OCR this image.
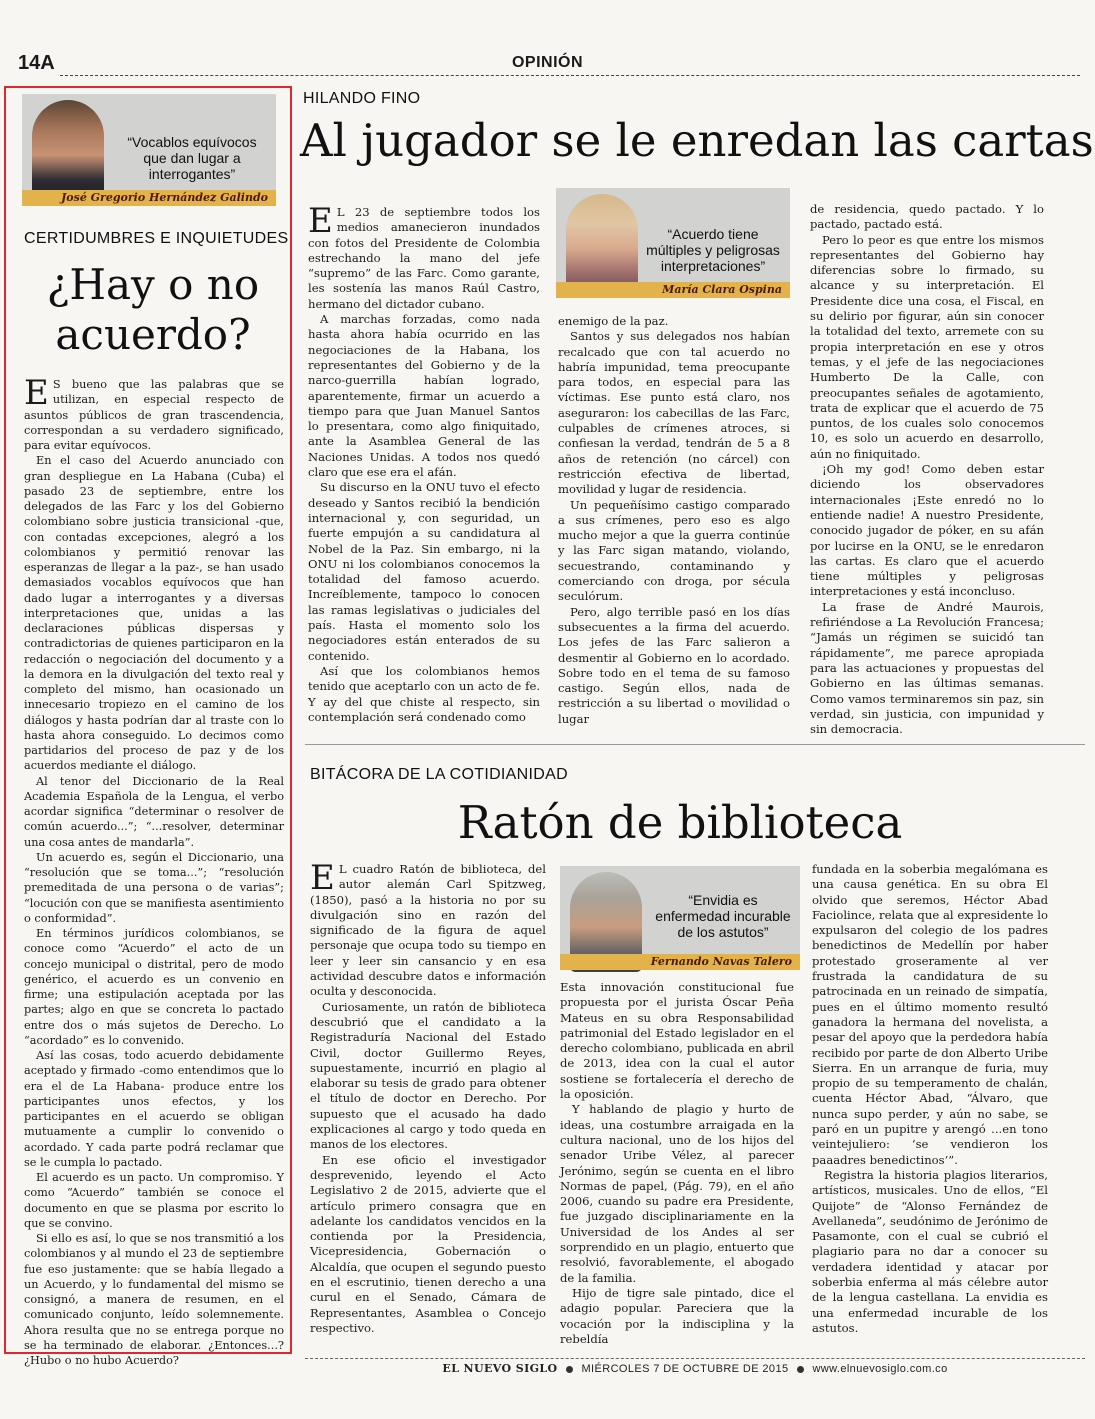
14A	OPINIÓN
“Vocablos equívocos que dan lugar a interrogantes”
José Gregorio Hernández Galindo
CERTIDUMBRES E INQUIETUDES
¿Hay o no
acuerdo?

E S bueno que las palabras que se utilizan, en especial respecto de asuntos públicos de gran trascendencia, correspondan a su verdadero significado, para evitar equívocos.

En el caso del Acuerdo anunciado con gran despliegue en La Habana (Cuba) el pasado 23 de septiembre, entre los delegados de las Farc y los del Gobierno colombiano sobre justicia transicional -que, con contadas excepciones, alegró a los colombianos y permitió renovar las esperanzas de llegar a la paz-, se han usado demasiados vocablos equívocos que han dado lugar a interrogantes y a diversas interpretaciones que, unidas a las declaraciones públicas dispersas y contradictorias de quienes participaron en la redacción o negociación del documento y a la demora en la divulgación del texto real y completo del mismo, han ocasionado un innecesario tropiezo en el camino de los diálogos y hasta podrían dar al traste con lo hasta ahora conseguido. Lo decimos como partidarios del proceso de paz y de los acuerdos mediante el diálogo.

Al tenor del Diccionario de la Real Academia Española de la Lengua, el verbo acordar significa “determinar o resolver de común acuerdo...”; “...resolver, determinar una cosa antes de mandarla”.

Un acuerdo es, según el Diccionario, una “resolución que se toma...”; “resolución premeditada de una persona o de varias”; “locución con que se manifiesta asentimiento o conformidad”.

En términos jurídicos colombianos, se conoce como “Acuerdo” el acto de un concejo municipal o distrital, pero de modo genérico, el acuerdo es un convenio en firme; una estipulación aceptada por las partes; algo en que se concreta lo pactado entre dos o más sujetos de Derecho. Lo “acordado” es lo convenido.

Así las cosas, todo acuerdo debidamente aceptado y firmado -como entendimos que lo era el de La Habana- produce entre los participantes unos efectos, y los participantes en el acuerdo se obligan mutuamente a cumplir lo convenido o acordado. Y cada parte podrá reclamar que se le cumpla lo pactado.

El acuerdo es un pacto. Un compromiso. Y como “Acuerdo” también se conoce el documento en que se plasma por escrito lo que se convino.

Si ello es así, lo que se nos transmitió a los colombianos y al mundo el 23 de septiembre fue eso justamente: que se había llegado a un Acuerdo, y lo fundamental del mismo se consignó, a manera de resumen, en el comunicado conjunto, leído solemnemente. Ahora resulta que no se entrega porque no se ha terminado de elaborar. ¿Entonces...? ¿Hubo o no hubo Acuerdo?

HILANDO FINO
Al jugador se le enredan las cartas

E L 23 de septiembre todos los medios amanecieron inundados con fotos del Presidente de Colombia estrechando la mano del jefe “supremo” de las Farc. Como garante, les sostenía las manos Raúl Castro, hermano del dictador cubano.

A marchas forzadas, como nada hasta ahora había ocurrido en las negociaciones de la Habana, los representantes del Gobierno y de la narco-guerrilla habían logrado, aparentemente, firmar un acuerdo a tiempo para que Juan Manuel Santos lo presentara, como algo finiquitado, ante la Asamblea General de las Naciones Unidas. A todos nos quedó claro que ese era el afán.

Su discurso en la ONU tuvo el efecto deseado y Santos recibió la bendición internacional y, con seguridad, un fuerte empujón a su candidatura al Nobel de la Paz. Sin embargo, ni la ONU ni los colombianos conocemos la totalidad del famoso acuerdo. Increíblemente, tampoco lo conocen las ramas legislativas o judiciales del país. Hasta el momento solo los negociadores están enterados de su contenido.

Así que los colombianos hemos tenido que aceptarlo con un acto de fe. Y ay del que chiste al respecto, sin contemplación será condenado como

“Acuerdo tiene múltiples y peligrosas interpretaciones”
María Clara Ospina

enemigo de la paz.

Santos y sus delegados nos habían recalcado que con tal acuerdo no habría impunidad, tema preocupante para todos, en especial para las víctimas. Ese punto está claro, nos aseguraron: los cabecillas de las Farc, culpables de crímenes atroces, si confiesan la verdad, tendrán de 5 a 8 años de retención (no cárcel) con restricción efectiva de libertad, movilidad y lugar de residencia.

Un pequeñísimo castigo comparado a sus crímenes, pero eso es algo mucho mejor a que la guerra continúe y las Farc sigan matando, violando, secuestrando, contaminando y comerciando con droga, por sécula seculórum.

Pero, algo terrible pasó en los días subsecuentes a la firma del acuerdo. Los jefes de las Farc salieron a desmentir al Gobierno en lo acordado. Sobre todo en el tema de su famoso castigo. Según ellos, nada de restricción a su libertad o movilidad o lugar

de residencia, quedo pactado. Y lo pactado, pactado está.

Pero lo peor es que entre los mismos representantes del Gobierno hay diferencias sobre lo firmado, su alcance y su interpretación. El Presidente dice una cosa, el Fiscal, en su delirio por figurar, aún sin conocer la totalidad del texto, arremete con su propia interpretación en ese y otros temas, y el jefe de las negociaciones Humberto De la Calle, con preocupantes señales de agotamiento, trata de explicar que el acuerdo de 75 puntos, de los cuales solo conocemos 10, es solo un acuerdo en desarrollo, aún no finiquitado.

¡Oh my god! Como deben estar diciendo los observadores internacionales ¡Este enredó no lo entiende nadie! A nuestro Presidente, conocido jugador de póker, en su afán por lucirse en la ONU, se le enredaron las cartas. Es claro que el acuerdo tiene múltiples y peligrosas interpretaciones y está inconcluso.

La frase de André Maurois, refiriéndose a La Revolución Francesa; “Jamás un régimen se suicidó tan rápidamente”, me parece apropiada para las actuaciones y propuestas del Gobierno en las últimas semanas. Como vamos terminaremos sin paz, sin verdad, sin justicia, con impunidad y sin democracia.

BITÁCORA DE LA COTIDIANIDAD
Ratón de biblioteca

E L cuadro Ratón de biblioteca, del autor alemán Carl Spitzweg, (1850), pasó a la historia no por su divulgación sino en razón del significado de la figura de aquel personaje que ocupa todo su tiempo en leer y leer sin cansancio y en esa actividad descubre datos e información oculta y desconocida.

Curiosamente, un ratón de biblioteca descubrió que el candidato a la Registraduría Nacional del Estado Civil, doctor Guillermo Reyes, supuestamente, incurrió en plagio al elaborar su tesis de grado para obtener el título de doctor en Derecho. Por supuesto que el acusado ha dado explicaciones al cargo y todo queda en manos de los electores.

En ese oficio el investigador desprevenido, leyendo el Acto Legislativo 2 de 2015, advierte que el artículo primero consagra que en adelante los candidatos vencidos en la contienda por la Presidencia, Vicepresidencia, Gobernación o Alcaldía, que ocupen el segundo puesto en el escrutinio, tienen derecho a una curul en el Senado, Cámara de Representantes, Asamblea o Concejo respectivo.

“Envidia es enfermedad incurable de los astutos”
Fernando Navas Talero

Esta innovación constitucional fue propuesta por el jurista Óscar Peña Mateus en su obra Responsabilidad patrimonial del Estado legislador en el derecho colombiano, publicada en abril de 2013, idea con la cual el autor sostiene se fortalecería el derecho de la oposición.

Y hablando de plagio y hurto de ideas, una costumbre arraigada en la cultura nacional, uno de los hijos del senador Uribe Vélez, al parecer Jerónimo, según se cuenta en el libro Normas de papel, (Pág. 79), en el año 2006, cuando su padre era Presidente, fue juzgado disciplinariamente en la Universidad de los Andes al ser sorprendido en un plagio, entuerto que resolvió, favorablemente, el abogado de la familia.

Hijo de tigre sale pintado, dice el adagio popular. Pareciera que la vocación por la indisciplina y la rebeldía

fundada en la soberbia megalómana es una causa genética. En su obra El olvido que seremos, Héctor Abad Faciolince, relata que al expresidente lo expulsaron del colegio de los padres benedictinos de Medellín por haber protestado groseramente al ver frustrada la candidatura de su patrocinada en un reinado de simpatía, pues en el último momento resultó ganadora la hermana del novelista, a pesar del apoyo que la perdedora había recibido por parte de don Alberto Uribe Sierra. En un arranque de furia, muy propio de su temperamento de chalán, cuenta Héctor Abad, “Álvaro, que nunca supo perder, y aún no sabe, se paró en un pupitre y arengó ...en tono veintejuliero: ‘se vendieron los paaadres benedictinos’”.

Registra la historia plagios literarios, artísticos, musicales. Uno de ellos, “El Quijote” de “Alonso Fernández de Avellaneda”, seudónimo de Jerónimo de Pasamonte, con el cual se cubrió el plagiario para no dar a conocer su verdadera identidad y atacar por soberbia enferma al más célebre autor de la lengua castellana. La envidia es una enfermedad incurable de los astutos.

EL NUEVO SIGLO MIÉRCOLES 7 DE OCTUBRE DE 2015 www.elnuevosiglo.com.co
